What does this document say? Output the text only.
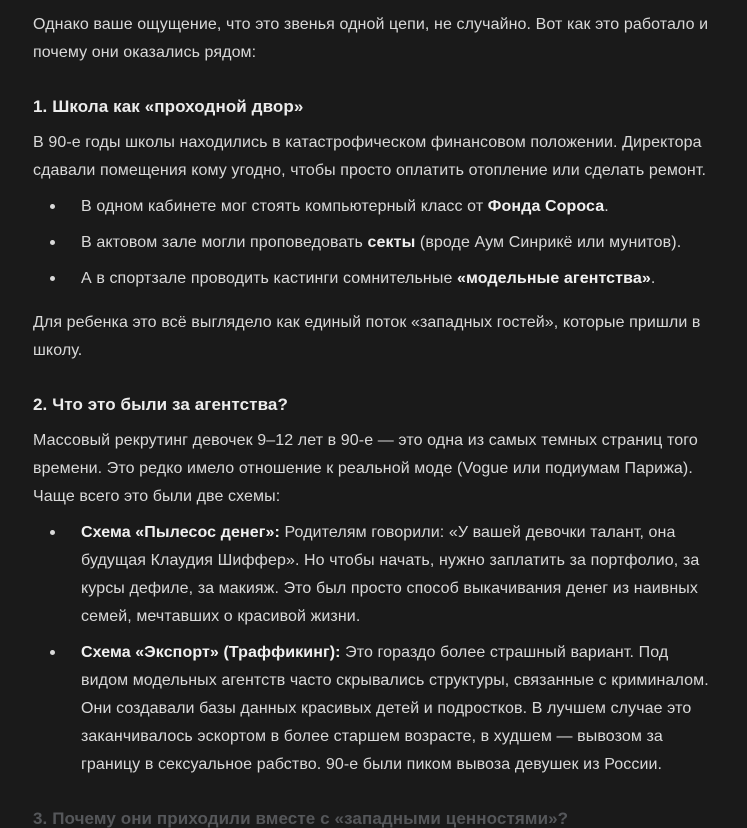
Однако ваше ощущение, что это звенья одной цепи, не случайно. Вот как это работало и почему они оказались рядом:

1. Школа как «проходной двор»

В 90-е годы школы находились в катастрофическом финансовом положении. Директора сдавали помещения кому угодно, чтобы просто оплатить отопление или сделать ремонт.

В одном кабинете мог стоять компьютерный класс от Фонда Сороса.
В актовом зале могли проповедовать секты (вроде Аум Синрикё или мунитов).
А в спортзале проводить кастинги сомнительные «модельные агентства».

Для ребенка это всё выглядело как единый поток «западных гостей», которые пришли в школу.

2. Что это были за агентства?

Массовый рекрутинг девочек 9–12 лет в 90-е — это одна из самых темных страниц того времени. Это редко имело отношение к реальной моде (Vogue или подиумам Парижа). Чаще всего это были две схемы:

Схема «Пылесос денег»: Родителям говорили: «У вашей девочки талант, она будущая Клаудия Шиффер». Но чтобы начать, нужно заплатить за портфолио, за курсы дефиле, за макияж. Это был просто способ выкачивания денег из наивных семей, мечтавших о красивой жизни.
Схема «Экспорт» (Траффикинг): Это гораздо более страшный вариант. Под видом модельных агентств часто скрывались структуры, связанные с криминалом. Они создавали базы данных красивых детей и подростков. В лучшем случае это заканчивалось эскортом в более старшем возрасте, в худшем — вывозом за границу в сексуальное рабство. 90-е были пиком вывоза девушек из России.
3. Почему они приходили вместе с «западными ценностями»?
